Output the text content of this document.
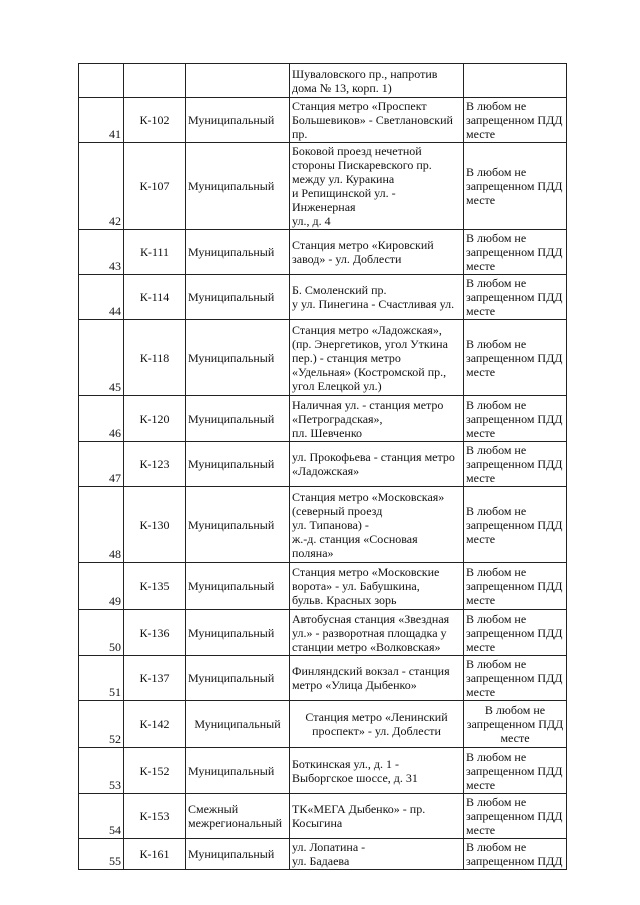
			Шуваловского пр., напротив
дома № 13, корп. 1)	
41	К-102	Муниципальный	Станция метро «Проспект
Большевиков» - Светлановский
пр.	В любом не
запрещенном ПДД
месте
42	К-107	Муниципальный	Боковой проезд нечетной
стороны Пискаревского пр.
между ул. Куракина
и Репищинской ул. - Инженерная
ул., д. 4	В любом не
запрещенном ПДД
месте
43	К-111	Муниципальный	Станция метро «Кировский
завод» - ул. Доблести	В любом не
запрещенном ПДД
месте
44	К-114	Муниципальный	Б. Смоленский пр.
у ул. Пинегина - Счастливая ул.	В любом не
запрещенном ПДД
месте
45	К-118	Муниципальный	Станция метро «Ладожская»,
(пр. Энергетиков, угол Уткина
пер.) - станция метро
«Удельная» (Костромской пр.,
угол Елецкой ул.)	В любом не
запрещенном ПДД
месте
46	К-120	Муниципальный	Наличная ул. - станция метро
«Петроградская»,
пл. Шевченко	В любом не
запрещенном ПДД
месте
47	К-123	Муниципальный	ул. Прокофьева - станция метро
«Ладожская»	В любом не
запрещенном ПДД
месте
48	К-130	Муниципальный	Станция метро «Московская»
(северный проезд
ул. Типанова) -
ж.-д. станция «Сосновая
поляна»	В любом не
запрещенном ПДД
месте
49	К-135	Муниципальный	Станция метро «Московские
ворота» - ул. Бабушкина,
бульв. Красных зорь	В любом не
запрещенном ПДД
месте
50	К-136	Муниципальный	Автобусная станция «Звездная
ул.» - разворотная площадка у
станции метро «Волковская»	В любом не
запрещенном ПДД
месте
51	К-137	Муниципальный	Финляндский вокзал - станция
метро «Улица Дыбенко»	В любом не
запрещенном ПДД
месте
52	К-142	Муниципальный	Станция метро «Ленинский
проспект» - ул. Доблести	В любом не
запрещенном ПДД
месте
53	К-152	Муниципальный	Боткинская ул., д. 1 -
Выборгское шоссе, д. 31	В любом не
запрещенном ПДД
месте
54	К-153	Смежный
межрегиональный	ТК«МЕГА Дыбенко» - пр.
Косыгина	В любом не
запрещенном ПДД
месте
55	К-161	Муниципальный	ул. Лопатина -
ул. Бадаева	В любом не
запрещенном ПДД
